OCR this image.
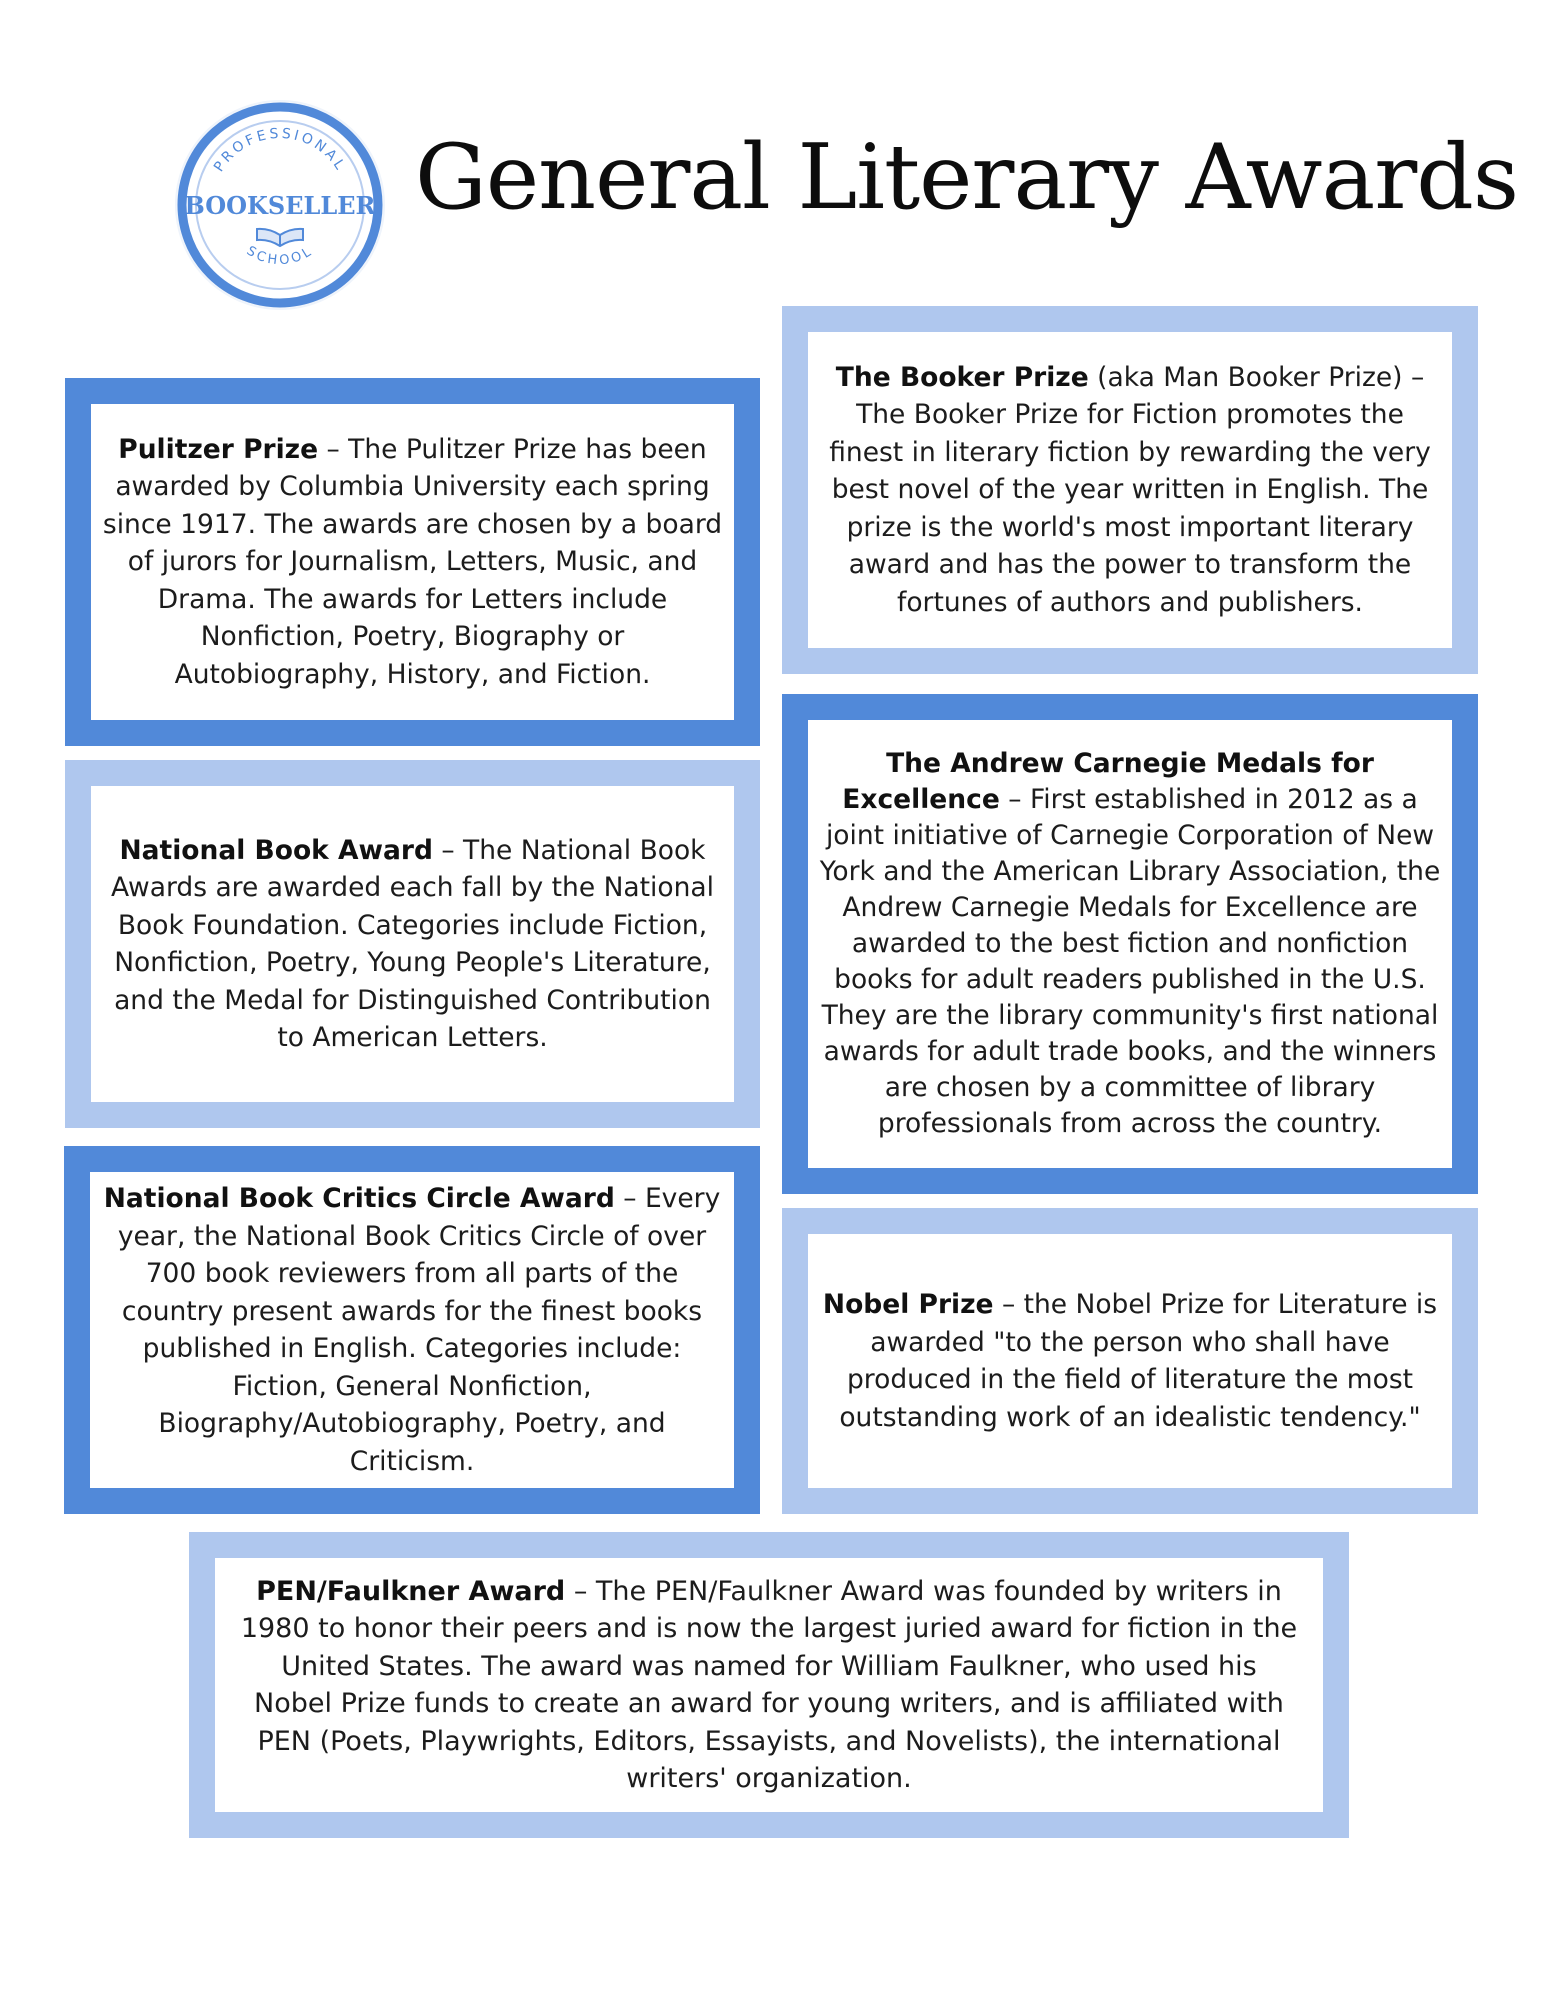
PROFESSIONAL
BOOKSELLER
SCHOOL
General Literary Awards

Pulitzer Prize – The Pulitzer Prize has been awarded by Columbia University each spring since 1917. The awards are chosen by a board of jurors for Journalism, Letters, Music, and Drama. The awards for Letters include Nonfiction, Poetry, Biography or Autobiography, History, and Fiction.

National Book Award – The National Book Awards are awarded each fall by the National Book Foundation. Categories include Fiction, Nonfiction, Poetry, Young People's Literature, and the Medal for Distinguished Contribution to American Letters.

National Book Critics Circle Award – Every year, the National Book Critics Circle of over 700 book reviewers from all parts of the country present awards for the finest books published in English. Categories include: Fiction, General Nonfiction, Biography/Autobiography, Poetry, and Criticism.

The Booker Prize (aka Man Booker Prize) – The Booker Prize for Fiction promotes the finest in literary fiction by rewarding the very best novel of the year written in English. The prize is the world's most important literary award and has the power to transform the fortunes of authors and publishers.

The Andrew Carnegie Medals for Excellence – First established in 2012 as a joint initiative of Carnegie Corporation of New York and the American Library Association, the Andrew Carnegie Medals for Excellence are awarded to the best fiction and nonfiction books for adult readers published in the U.S. They are the library community's first national awards for adult trade books, and the winners are chosen by a committee of library professionals from across the country.

Nobel Prize – the Nobel Prize for Literature is awarded "to the person who shall have produced in the field of literature the most outstanding work of an idealistic tendency."

PEN/Faulkner Award – The PEN/Faulkner Award was founded by writers in 1980 to honor their peers and is now the largest juried award for fiction in the United States. The award was named for William Faulkner, who used his Nobel Prize funds to create an award for young writers, and is affiliated with PEN (Poets, Playwrights, Editors, Essayists, and Novelists), the international writers' organization.
